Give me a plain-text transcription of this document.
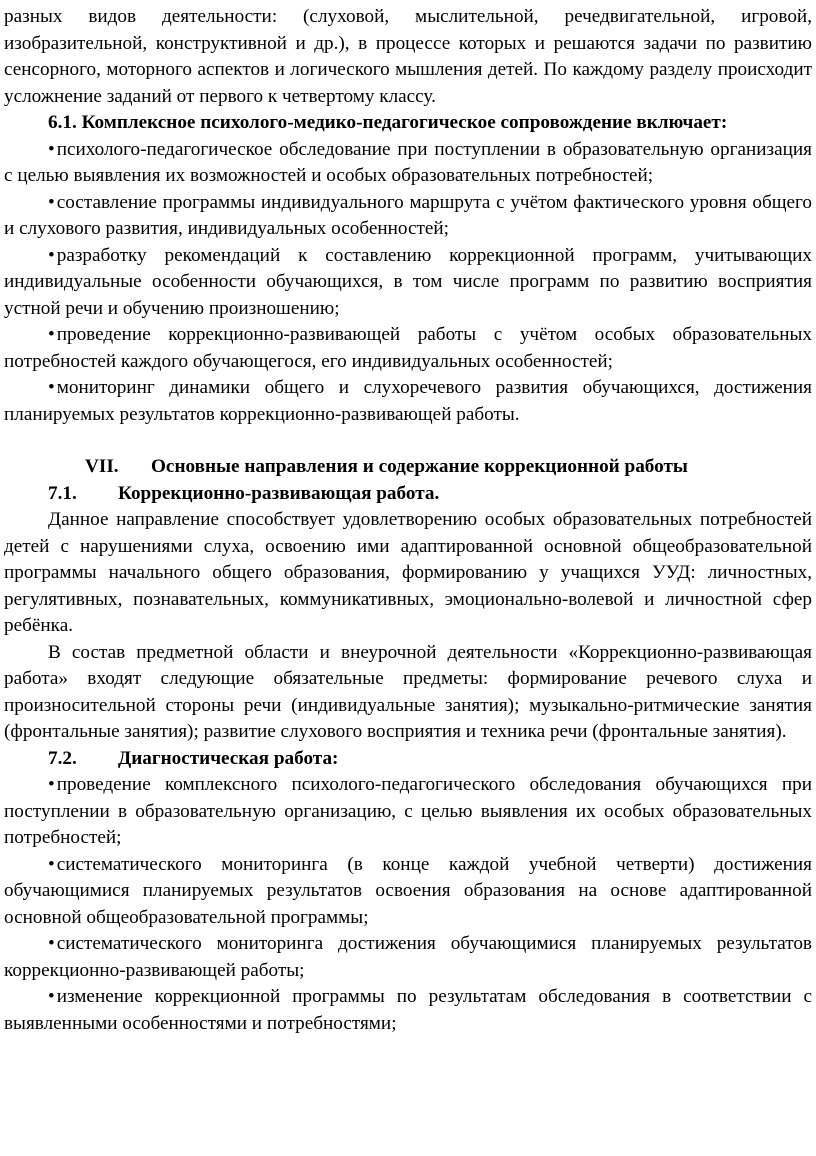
разных видов деятельности: (слуховой, мыслительной, речедвигательной, игровой, изобразительной, конструктивной и др.), в процессе которых и решаются задачи по развитию сенсорного, моторного аспектов и логического мышления детей. По каждому разделу происходит усложнение заданий от первого к четвертому классу.

6.1. Комплексное психолого-медико-педагогическое сопровождение включает:

• психолого-педагогическое обследование при поступлении в образовательную организация с целью выявления их возможностей и особых образовательных потребностей;

• составление программы индивидуального маршрута с учётом фактического уровня общего и слухового развития, индивидуальных особенностей;

• разработку рекомендаций к составлению коррекционной программ, учитывающих индивидуальные особенности обучающихся, в том числе программ по развитию восприятия устной речи и обучению произношению;

• проведение коррекционно-развивающей работы с учётом особых образовательных потребностей каждого обучающегося, его индивидуальных особенностей;

• мониторинг динамики общего и слухоречевого развития обучающихся, достижения планируемых результатов коррекционно-развивающей работы.

VII. Основные направления и содержание коррекционной работы

7.1. Коррекционно-развивающая работа.

Данное направление способствует удовлетворению особых образовательных потребностей детей с нарушениями слуха, освоению ими адаптированной основной общеобразовательной программы начального общего образования, формированию у учащихся УУД: личностных, регулятивных, познавательных, коммуникативных, эмоционально-волевой и личностной сфер ребёнка.

В состав предметной области и внеурочной деятельности «Коррекционно-развивающая работа» входят следующие обязательные предметы: формирование речевого слуха и произносительной стороны речи (индивидуальные занятия); музыкально-ритмические занятия (фронтальные занятия); развитие слухового восприятия и техника речи (фронтальные занятия).

7.2. Диагностическая работа:

• проведение комплексного психолого-педагогического обследования обучающихся при поступлении в образовательную организацию, с целью выявления их особых образовательных потребностей;

• систематического мониторинга (в конце каждой учебной четверти) достижения обучающимися планируемых результатов освоения образования на основе адаптированной основной общеобразовательной программы;

• систематического мониторинга достижения обучающимися планируемых результатов коррекционно-развивающей работы;

• изменение коррекционной программы по результатам обследования в соответствии с выявленными особенностями и потребностями;
